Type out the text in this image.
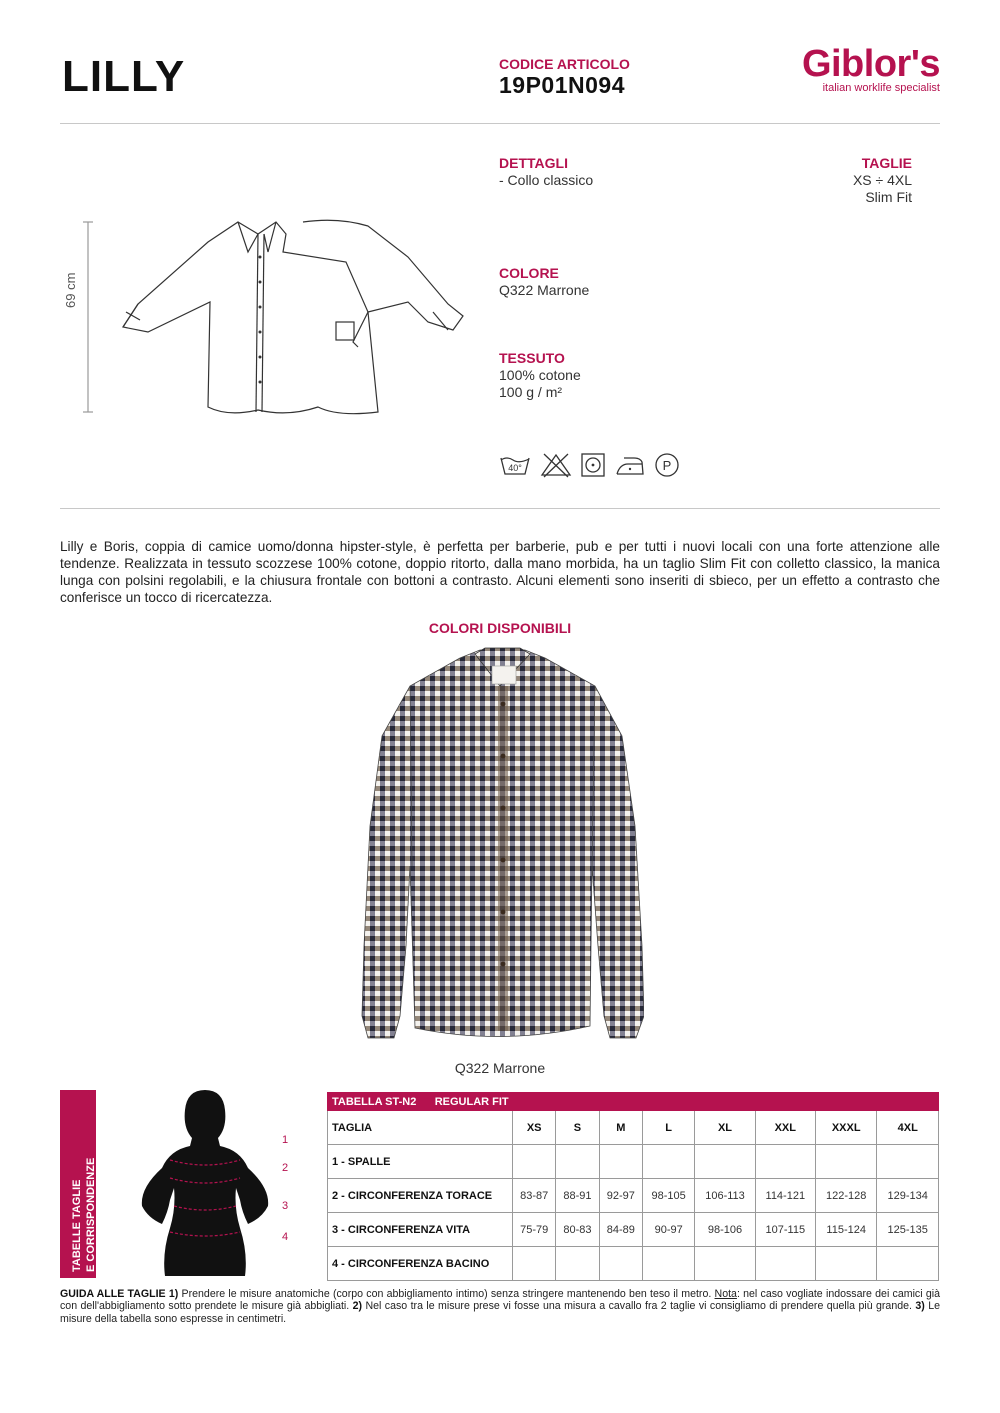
LILLY	CODICE ARTICOLO
19P01N094	Giblor's
italian worklife specialist
69 cm
DETTAGLI
- Collo classico
TAGLIE
XS ÷ 4XL
Slim Fit
COLORE
Q322 Marrone
TESSUTO
100% cotone
100 g / m²
40°	P
Lilly e Boris, coppia di camice uomo/donna hipster-style, è perfetta per barberie, pub e per tutti i nuovi locali con una forte attenzione alle tendenze. Realizzata in tessuto scozzese 100% cotone, doppio ritorto, dalla mano morbida, ha un taglio Slim Fit con colletto classico, la manica lunga con polsini regolabili, e la chiusura frontale con bottoni a contrasto. Alcuni elementi sono inseriti di sbieco, per un effetto a contrasto che conferisce un tocco di ricercatezza.
COLORI DISPONIBILI
Q322 Marrone
TABELLE TAGLIE E CORRISPONDENZE
1
2
3
4
TABELLA ST-N2 REGULAR FIT								
TAGLIA	XS	S	M	L	XL	XXL	XXXL	4XL
1 - SPALLE								
2 - CIRCONFERENZA TORACE	83-87	88-91	92-97	98-105	106-113	114-121	122-128	129-134
3 - CIRCONFERENZA VITA	75-79	80-83	84-89	90-97	98-106	107-115	115-124	125-135
4 - CIRCONFERENZA BACINO								
GUIDA ALLE TAGLIE 1) Prendere le misure anatomiche (corpo con abbigliamento intimo) senza stringere mantenendo ben teso il metro. Nota: nel caso vogliate indossare dei camici già con dell'abbigliamento sotto prendete le misure già abbigliati. 2) Nel caso tra le misure prese vi fosse una misura a cavallo fra 2 taglie vi consigliamo di prendere quella più grande. 3) Le misure della tabella sono espresse in centimetri.
